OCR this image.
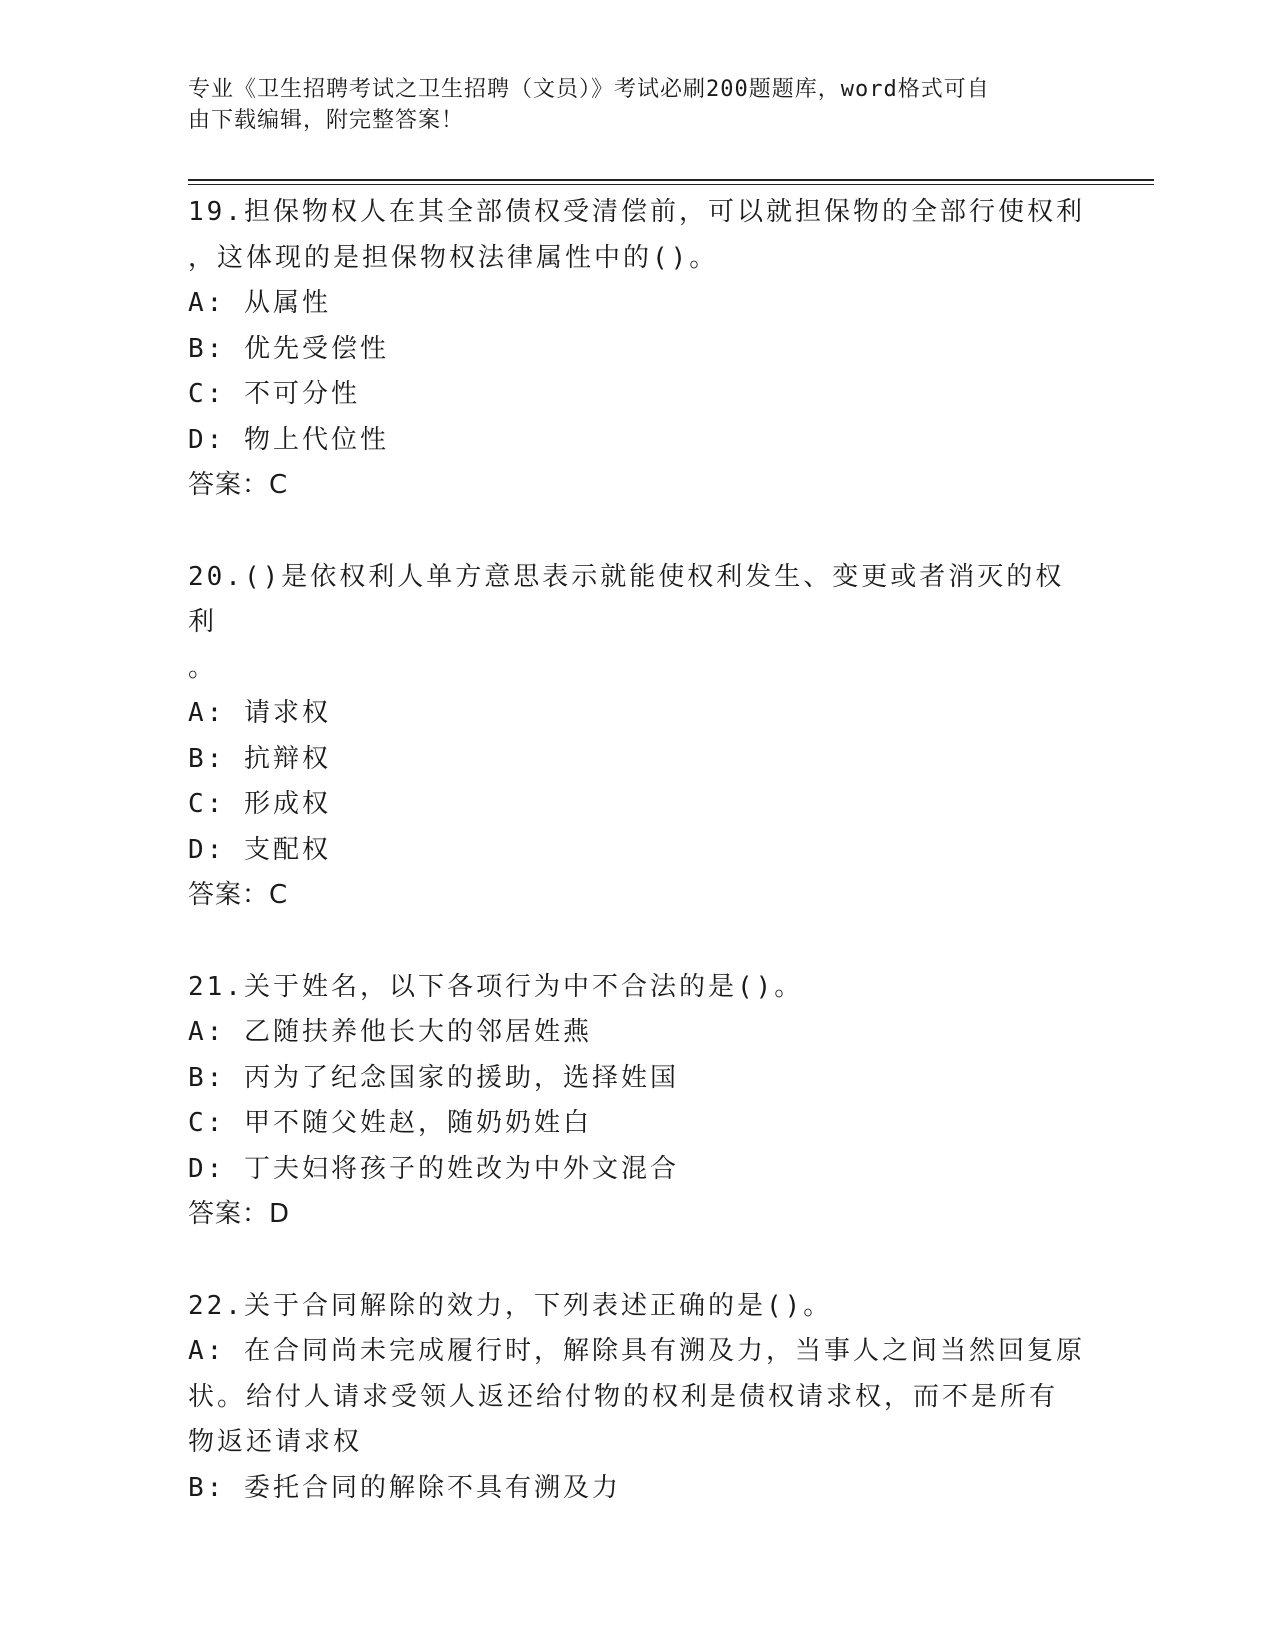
专业《卫生招聘考试之卫生招聘（文员）》考试必刷200题题库，word格式可自
由下载编辑，附完整答案！
19.担保物权人在其全部债权受清偿前，可以就担保物的全部行使权利
，这体现的是担保物权法律属性中的()。
A: 从属性
B: 优先受偿性
C: 不可分性
D: 物上代位性
答案：C
20.()是依权利人单方意思表示就能使权利发生、变更或者消灭的权利
。
A: 请求权
B: 抗辩权
C: 形成权
D: 支配权
答案：C
21.关于姓名，以下各项行为中不合法的是()。
A: 乙随扶养他长大的邻居姓燕
B: 丙为了纪念国家的援助，选择姓国
C: 甲不随父姓赵，随奶奶姓白
D: 丁夫妇将孩子的姓改为中外文混合
答案：D
22.关于合同解除的效力，下列表述正确的是()。
A: 在合同尚未完成履行时，解除具有溯及力，当事人之间当然回复原
状。给付人请求受领人返还给付物的权利是债权请求权，而不是所有
物返还请求权
B: 委托合同的解除不具有溯及力
